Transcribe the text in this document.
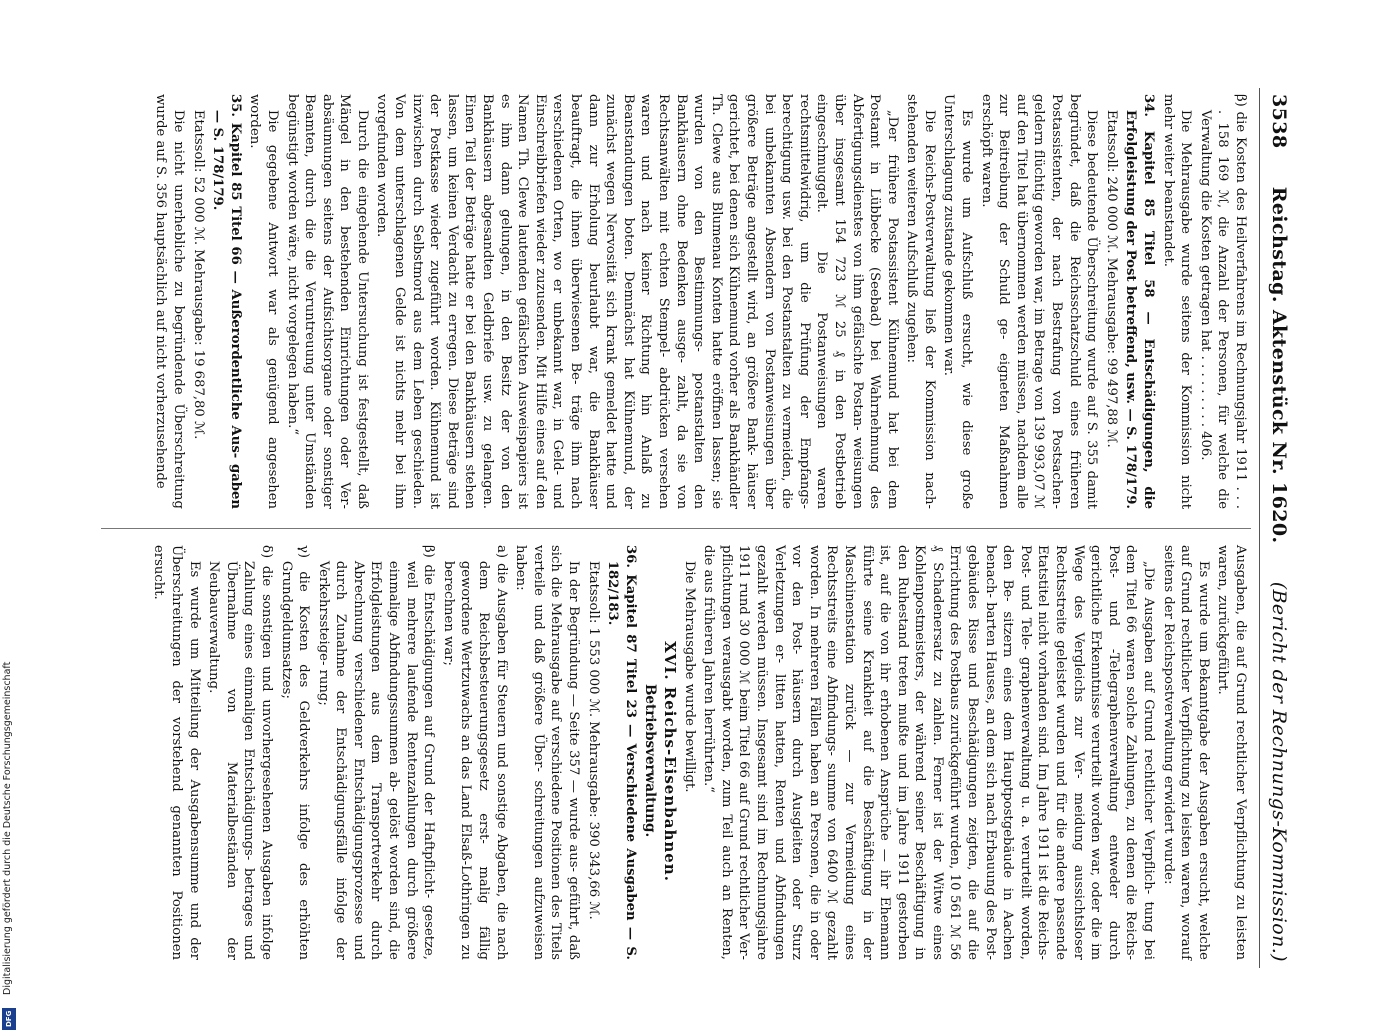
Digitalisierung gefördert durch die Deutsche Forschungsgemeinschaft
DFG
3538
Reichstag. Aktenstück Nr. 1620.
(Bericht der Rechnungs-Kommission.)

β) die Kosten des Heilverfahrens im Rechnungsjahr 1911 . . . . 158 169 ℳ, die Anzahl der Personen, für welche die Verwaltung die Kosten getragen hat . . . . . . . . . 406.

Die Mehrausgabe wurde seitens der Kommission nicht mehr weiter beanstandet.

34. Kapitel 85 Titel 58 — Entschädigungen, die Erfolgleistung der Post betreffend, usw. — S. 178/179.

Etatssoll: 240 000 ℳ. Mehrausgabe: 99 497,88 ℳ.

Diese bedeutende Überschreitung wurde auf S. 355 damit begründet, daß die Reichsschatzschuld eines früheren Postassistenten, der nach Bestrafung von Postsachen- geldern flüchtig geworden war, im Betrage von 139 993,07 ℳ auf den Titel hat übernommen werden müssen, nachdem alle zur Beitreibung der Schuld ge- eigneten Maßnahmen erschöpft waren.

Es wurde um Aufschluß ersucht, wie diese große Unterschlagung zustande gekommen war.

Die Reichs-Postverwaltung ließ der Kommission nach- stehenden weiteren Aufschluß zugehen:

„Der frühere Postassistent Kühnemund hat bei dem Postamt in Lübbecke (Seebad) bei Wahrnehmung des Abfertigungsdienstes von ihm gefälschte Postan- weisungen über insgesamt 154 723 ℳ 25 ₰ in den Postbetrieb eingeschmuggelt. Die Postanweisungen waren rechtsmittelwidrig, um die Prüfung der Empfangs- berechtigung usw. bei den Postanstalten zu vermeiden, die bei unbekannten Absendern von Postanweisungen über größere Beträge angestellt wird, an größere Bank- häuser gerichtet, bei denen sich Kühnemund vorher als Bankhändler Th. Clewe aus Blumenau Konten hatte eröffnen lassen; sie wurden von den Bestimmungs- postanstalten den Bankhäusern ohne Bedenken ausge- zahlt, da sie von Rechtsanwälten mit echten Stempel- abdrücken versehen waren und nach keiner Richtung hin Anlaß zu Beanstandungen boten. Demnächst hat Kühnemund, der zunächst wegen Nervosität sich krank gemeldet hatte und dann zur Erholung beurlaubt war, die Bankhäuser beauftragt, die ihnen überwiesenen Be- träge ihm nach verschiedenen Orten, wo er unbekannt war, in Geld- und Einschreibbriefen wieder zuzusenden. Mit Hilfe eines auf den Namen Th. Clewe lautenden gefälschten Ausweispapiers ist es ihm dann gelungen, in den Besitz der von den Bankhäusern abgesandten Geldbriefe usw. zu gelangen. Einen Teil der Beträge hatte er bei den Bankhäusern stehen lassen, um keinen Verdacht zu erregen. Diese Beträge sind der Postkasse wieder zugeführt worden. Kühnemund ist inzwischen durch Selbstmord aus dem Leben geschieden. Von dem unterschlagenen Gelde ist nichts mehr bei ihm vorgefunden worden.

Durch die eingehende Untersuchung ist festgestellt, daß Mängel in den bestehenden Einrichtungen oder Ver- absäumungen seitens der Aufsichtsorgane oder sonstiger Beamten, durch die die Veruntreuung unter Umständen begünstigt worden wäre, nicht vorgelegen haben.“

Die gegebene Antwort war als genügend angesehen worden.

35. Kapitel 85 Titel 66 — Außerordentliche Aus- gaben — S. 178/179.

Etatssoll: 52 000 ℳ. Mehrausgabe: 19 687,80 ℳ.

Die nicht unerhebliche zu begründende Überschreitung wurde auf S. 356 hauptsächlich auf nicht vorherzusehende

Ausgaben, die auf Grund rechtlicher Verpflichtung zu leisten waren, zurückgeführt.

Es wurde um Bekanntgabe der Ausgaben ersucht, welche auf Grund rechtlicher Verpflichtung zu leisten waren, worauf seitens der Reichspostverwaltung erwidert wurde:

„Die Ausgaben auf Grund rechtlicher Verpflich- tung bei dem Titel 66 waren solche Zahlungen, zu denen die Reichs-Post- und -Telegraphenverwaltung entweder durch gerichtliche Erkenntnisse verurteilt worden war, oder die im Wege des Vergleichs zur Ver- meidung aussichtsloser Rechtsstreite geleistet wurden und für die andere passende Etatstitel nicht vorhanden sind. Im Jahre 1911 ist die Reichs-Post- und Tele- graphenverwaltung u. a. verurteilt worden, den Be- sitzern eines dem Hauptpostgebäude in Aachen benach- barten Hauses, an dem sich nach Erbauung des Post- gebäudes Risse und Beschädigungen zeigten, die auf die Errichtung des Postbaus zurückgeführt wurden, 10 561 ℳ 56 ₰ Schadenersatz zu zahlen. Ferner ist der Witwe eines Kohlenpostmeisters, der während seiner Beschäftigung in den Ruhestand treten mußte und im Jahre 1911 gestorben ist, auf die von ihr erhobenen Ansprüche — ihr Ehemann führte seine Krankheit auf die Beschäftigung in der Maschinenstation zurück — zur Vermeidung eines Rechtsstreits eine Abfindungs- summe von 6400 ℳ gezahlt worden. In mehreren Fällen haben an Personen, die in oder vor den Post- häusern durch Ausgleiten oder Sturz Verletzungen er- litten hatten, Renten und Abfindungen gezahlt werden müssen. Insgesamt sind im Rechnungsjahre 1911 rund 30 000 ℳ beim Titel 66 auf Grund rechtlicher Ver- pflichtungen verausgabt worden, zum Teil auch an Renten, die aus früheren Jahren herrührten.“

Die Mehrausgabe wurde bewilligt.

XVI. Reichs-Eisenbahnen.

Betriebsverwaltung.

36. Kapitel 87 Titel 23 — Verschiedene Ausgaben — S. 182/183.

Etatssoll: 1 553 000 ℳ. Mehrausgabe: 390 343,66 ℳ.

In der Begründung — Seite 357 — wurde aus- geführt, daß sich die Mehrausgabe auf verschiedene Positionen des Titels verteile und daß größere Über- schreitungen aufzuweisen haben:

a) die Ausgaben für Steuern und sonstige Abgaben, die nach dem Reichsbesteuerungsgesetz erst- malig fällig gewordene Wertzuwachs an das Land Elsaß-Lothringen zu berechnen war;

β) die Entschädigungen auf Grund der Haftpflicht- gesetze, weil mehrere laufende Rentenzahlungen durch größere einmalige Abfindungssummen ab- gelöst worden sind, die Erfolgleistungen aus dem Transportverkehr durch Abrechnung verschiedener Entschädigungsprozesse und durch Zunahme der Entschädigungsfälle infolge der Verkehrssteige- rung;

γ) die Kosten des Geldverkehrs infolge des erhöhten Grundgeldumsatzes;

δ) die sonstigen und unvorhergesehenen Ausgaben infolge Zahlung eines einmaligen Entschädigungs- betrages und Übernahme von Materialbeständen der Neubauverwaltung.

Es wurde um Mitteilung der Ausgabensumme und der Überschreitungen der vorstehend genannten Positionen ersucht.
